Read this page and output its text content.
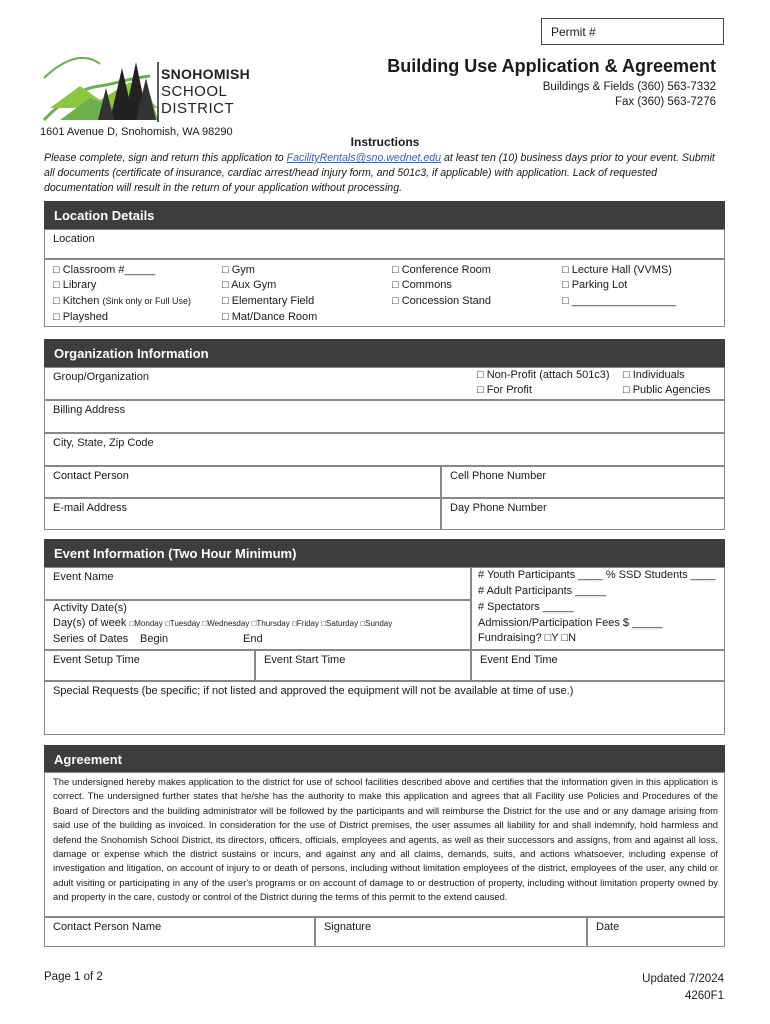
Permit #
SNOHOMISH
SCHOOL
DISTRICT
1601 Avenue D, Snohomish, WA 98290
Building Use Application & Agreement
Buildings & Fields (360) 563-7332
Fax (360) 563-7276
Instructions
Please complete, sign and return this application to FacilityRentals@sno.wednet.edu at least ten (10) business days prior to your event. Submit all documents (certificate of insurance, cardiac arrest/head injury form, and 501c3, if applicable) with application. Lack of requested documentation will result in the return of your application without processing.
Location Details
Location
□ Classroom #_____
□ Library
□ Kitchen (Sink only or Full Use)
□ Playshed
□ Gym
□ Aux Gym
□ Elementary Field
□ Mat/Dance Room
□ Conference Room
□ Commons
□ Concession Stand
□ Lecture Hall (VVMS)
□ Parking Lot
□ _________________
Organization Information
Group/Organization	□ Non-Profit (attach 501c3) □ Individuals
□ For Profit	□ Public Agencies
Billing Address
City, State, Zip Code
Contact Person	Cell Phone Number
E-mail Address	Day Phone Number
Event Information (Two Hour Minimum)
Event Name
Activity Date(s)
Day(s) of week □Monday □Tuesday □Wednesday □Thursday □Friday □Saturday □Sunday
Series of Dates Begin	End
# Youth Participants ____ % SSD Students ____
# Adult Participants _____
# Spectators _____
Admission/Participation Fees $ _____
Fundraising? □Y □N
Event Setup Time	Event Start Time	Event End Time
Special Requests (be specific; if not listed and approved the equipment will not be available at time of use.)
Agreement
The undersigned hereby makes application to the district for use of school facilities described above and certifies that the information given in this application is correct. The undersigned further states that he/she has the authority to make this application and agrees that all Facility use Policies and Procedures of the Board of Directors and the building administrator will be followed by the participants and will reimburse the District for the use and or any damage arising from said use of the building as invoiced. In consideration for the use of District premises, the user assumes all liability for and shall indemnify, hold harmless and defend the Snohomish School District, its directors, officers, officials, employees and agents, as well as their successors and assigns, from and against all loss, damage or expense which the district sustains or incurs, and against any and all claims, demands, suits, and actions whatsoever, including expense of investigation and litigation, on account of injury to or death of persons, including without limitation employees of the district, employees of the user, any child or adult visiting or participating in any of the user's programs or on account of damage to or destruction of property, including without limitation property owned by and property in the care, custody or control of the District during the terms of this permit to the extend caused.
Contact Person Name	Signature	Date
Page 1 of 2	Updated 7/2024
4260F1
